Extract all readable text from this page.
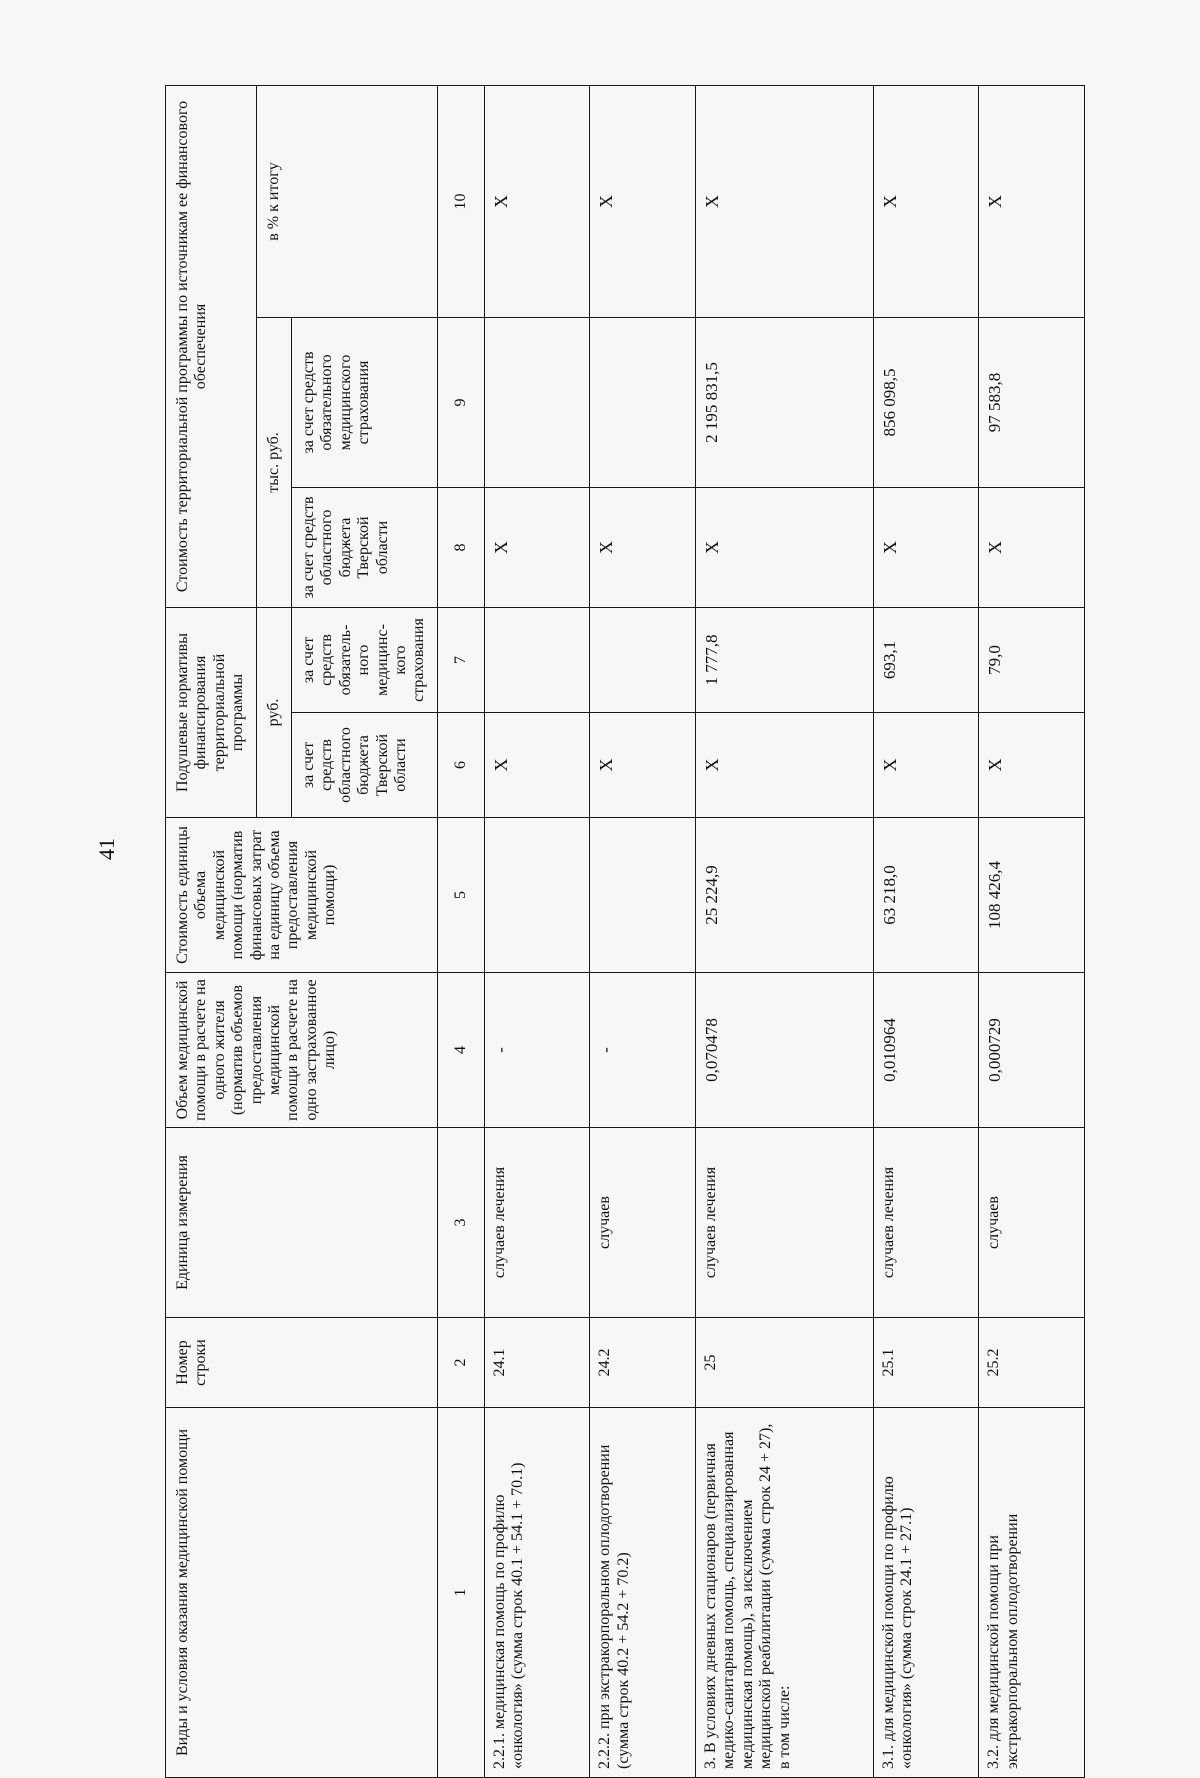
41
Виды и условия оказания медицинской помощи	Номер строки	Единица измерения	Объем медицинской помощи в расчете на одного жителя (норматив объемов предоставления медицинской помощи в расчете на одно застрахованное лицо)	Стоимость единицы объема медицинской помощи (норматив финансовых затрат на единицу объема предоставления медицинской помощи)	Подушевые нормативы финансирования территориальной программы		Стоимость территориальной программы по источникам ее финансового обеспечения		
					руб.		тыс. руб.		в % к итогу
					за счет средств областного бюджета Тверской области	за счет средств обязатель-ного медицинс-кого страхования	за счет средств областного бюджета Тверской области	за счет средств обязательного медицинского страхования	
1	2	3	4	5	6	7	8	9	10
2.2.1. медицинская помощь по профилю «онкология» (сумма строк 40.1 + 54.1 + 70.1)	24.1	случаев лечения	-		X		X		X
2.2.2. при экстракорпоральном оплодотворении (сумма строк 40.2 + 54.2 + 70.2)	24.2	случаев	-		X		X		X
3. В условиях дневных стационаров (первичная медико-санитарная помощь, специализированная медицинская помощь), за исключением медицинской реабилитации (сумма строк 24 + 27), в том числе:	25	случаев лечения	0,070478	25 224,9	X	1 777,8	X	2 195 831,5	X
3.1. для медицинской помощи по профилю «онкология» (сумма строк 24.1 + 27.1)	25.1	случаев лечения	0,010964	63 218,0	X	693,1	X	856 098,5	X
3.2. для медицинской помощи при экстракорпоральном оплодотворении	25.2	случаев	0,000729	108 426,4	X	79,0	X	97 583,8	X
